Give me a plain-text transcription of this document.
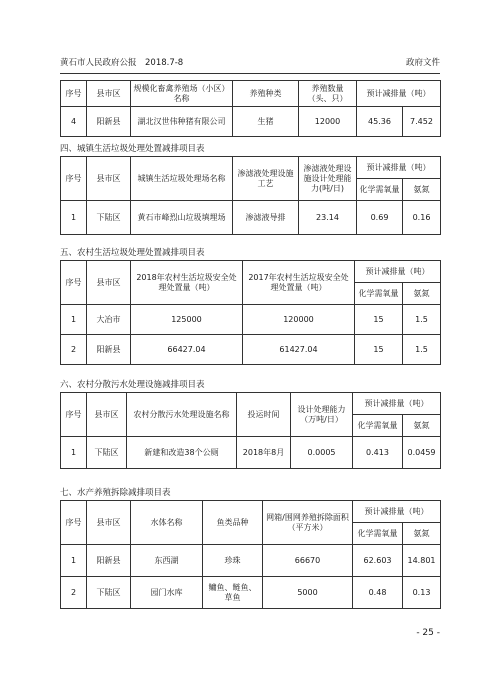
黄石市人民政府公报　2018.7-8	政府文件
序号	县市区	规模化畜禽养殖场（小区）名称	养殖种类	养殖数量（头、只）	预计减排量（吨）	
4	阳新县	湖北汉世伟种猪有限公司	生猪	12000	45.36	7.452
四、城镇生活垃圾处理处置减排项目表
序号	县市区	城镇生活垃圾处理场名称	渗滤液处理设施工艺	渗滤液处理设施设计处理能力(吨/日)	预计减排量（吨）	
					化学需氧量	氨氮
1	下陆区	黄石市峰烈山垃圾填埋场	渗滤液导排	23.14	0.69	0.16
五、农村生活垃圾处理处置减排项目表
序号	县市区	2018年农村生活垃圾安全处理处置量（吨）	2017年农村生活垃圾安全处理处置量（吨）	预计减排量（吨）	
				化学需氧量	氨氮
1	大冶市	125000	120000	15	1.5
2	阳新县	66427.04	61427.04	15	1.5
六、农村分散污水处理设施减排项目表
序号	县市区	农村分散污水处理设施名称	投运时间	设计处理能力（万吨/日）	预计减排量（吨）	
					化学需氧量	氨氮
1	下陆区	新建和改造38个公厕	2018年8月	0.0005	0.413	0.0459
七、水产养殖拆除减排项目表
序号	县市区	水体名称	鱼类品种	网箱/围网养殖拆除面积（平方米）	预计减排量（吨）	
					化学需氧量	氨氮
1	阳新县	东西湖	珍珠	66670	62.603	14.801
2	下陆区	园门水库	鳙鱼、鲢鱼、草鱼	5000	0.48	0.13
- 25 -
